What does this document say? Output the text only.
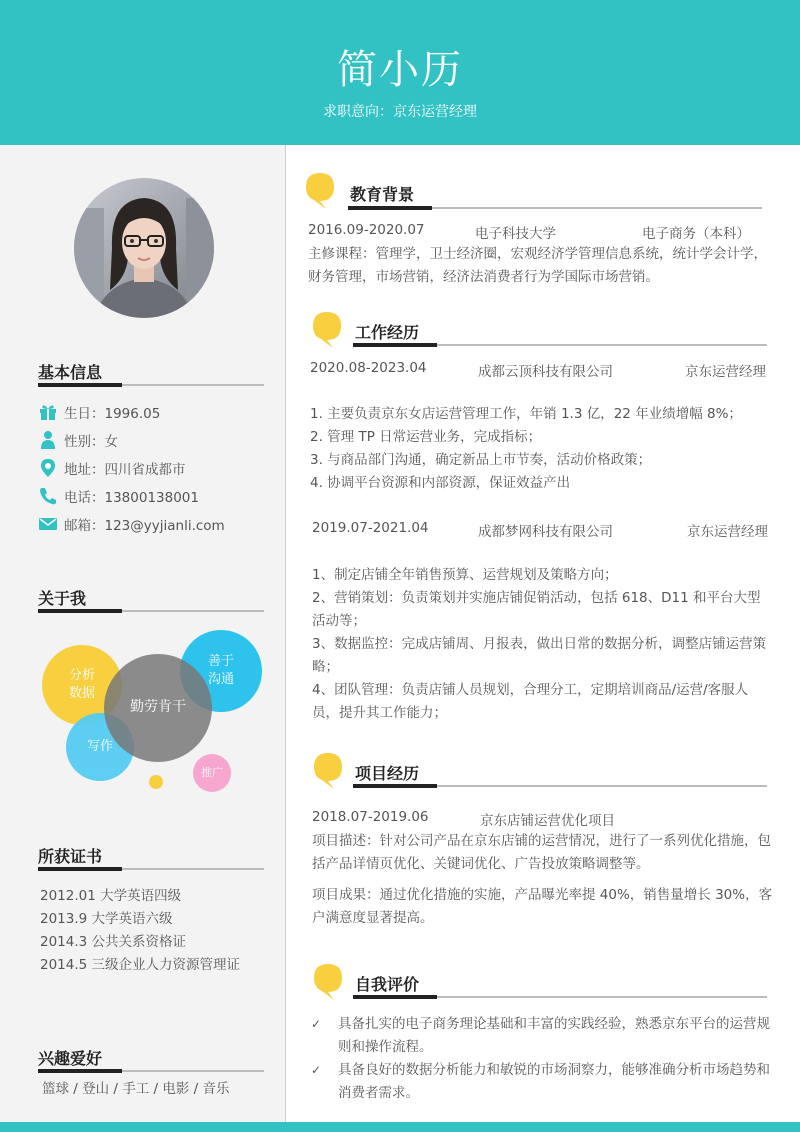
简小历
求职意向：京东运营经理
基本信息
生日：1996.05
性别：女
地址：四川省成都市
电话：13800138001
邮箱：123@yyjianli.com
关于我
分析
数据
善于
沟通
写作
勤劳肯干
推广
所获证书
2012.01 大学英语四级
2013.9 大学英语六级
2014.3 公共关系资格证
2014.5 三级企业人力资源管理证
兴趣爱好
篮球 / 登山 / 手工 / 电影 / 音乐
教育背景
2016.09-2020.07	电子科技大学	电子商务（本科）
主修课程：管理学，卫士经济圈，宏观经济学管理信息系统，统计学会计学，财务管理，市场营销，经济法消费者行为学国际市场营销。
工作经历
2020.08-2023.04	成都云顶科技有限公司	京东运营经理
1. 主要负责京东女店运营管理工作，年销 1.3 亿，22 年业绩增幅 8%；
2. 管理 TP 日常运营业务，完成指标；
3. 与商品部门沟通，确定新品上市节奏，活动价格政策；
4. 协调平台资源和内部资源，保证效益产出
2019.07-2021.04	成都梦网科技有限公司	京东运营经理
1、制定店铺全年销售预算、运营规划及策略方向；
2、营销策划：负责策划并实施店铺促销活动，包括 618、D11 和平台大型活动等；
3、数据监控：完成店铺周、月报表，做出日常的数据分析，调整店铺运营策略；
4、团队管理：负责店铺人员规划，合理分工，定期培训商品/运营/客服人员，提升其工作能力；
项目经历
2018.07-2019.06	京东店铺运营优化项目
项目描述：针对公司产品在京东店铺的运营情况，进行了一系列优化措施，包括产品详情页优化、关键词优化、广告投放策略调整等。
项目成果：通过优化措施的实施，产品曝光率提 40%，销售量增长 30%，客户满意度显著提高。
自我评价
✓ 具备扎实的电子商务理论基础和丰富的实践经验，熟悉京东平台的运营规则和操作流程。
✓ 具备良好的数据分析能力和敏锐的市场洞察力，能够准确分析市场趋势和消费者需求。
